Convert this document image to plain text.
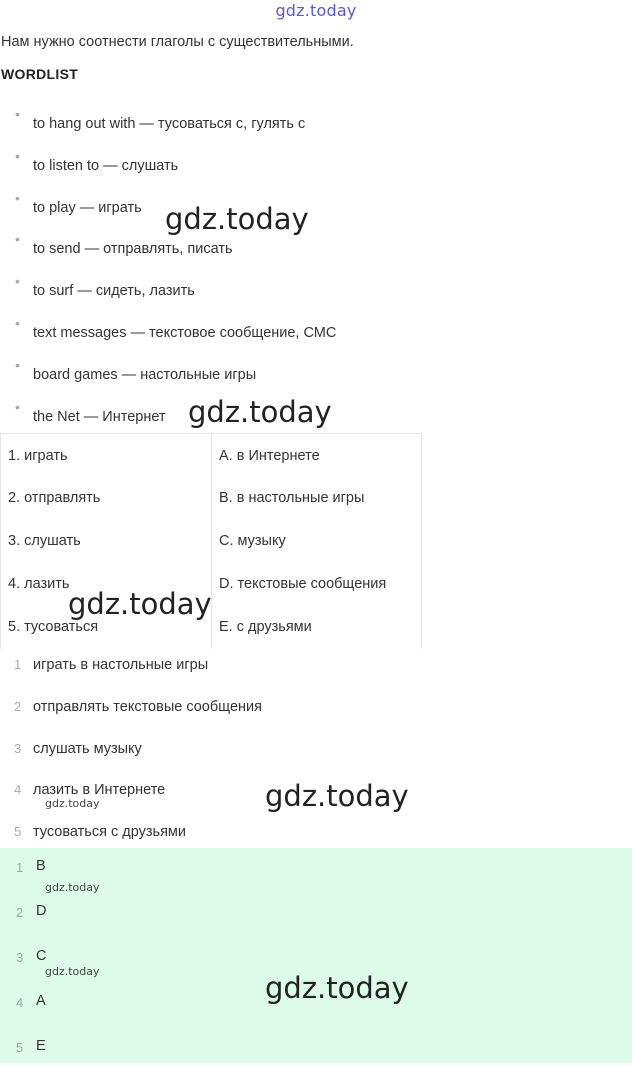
gdz.today
Нам нужно соотнести глаголы с существительными.
WORDLIST
•
to hang out with — тусоваться с, гулять с
•
to listen to — слушать
•
to play — играть
•
to send — отправлять, писать
•
to surf — сидеть, лазить
•
text messages — текстовое сообщение, СМС
•
board games — настольные игры
•
the Net — Интернет
1. играть	A. в Интернете
2. отправлять	B. в настольные игры
3. слушать	C. музыку
4. лазить	D. текстовые сообщения
5. тусоваться	E. с друзьями
1 играть в настольные игры
2 отправлять текстовые сообщения
3 слушать музыку
4 лазить в Интернете
5 тусоваться с друзьями
1 B
2 D
3 C
4 A
5 E
gdz.today
gdz.today
gdz.today
gdz.today
gdz.today
gdz.today
gdz.today	gdz.today
